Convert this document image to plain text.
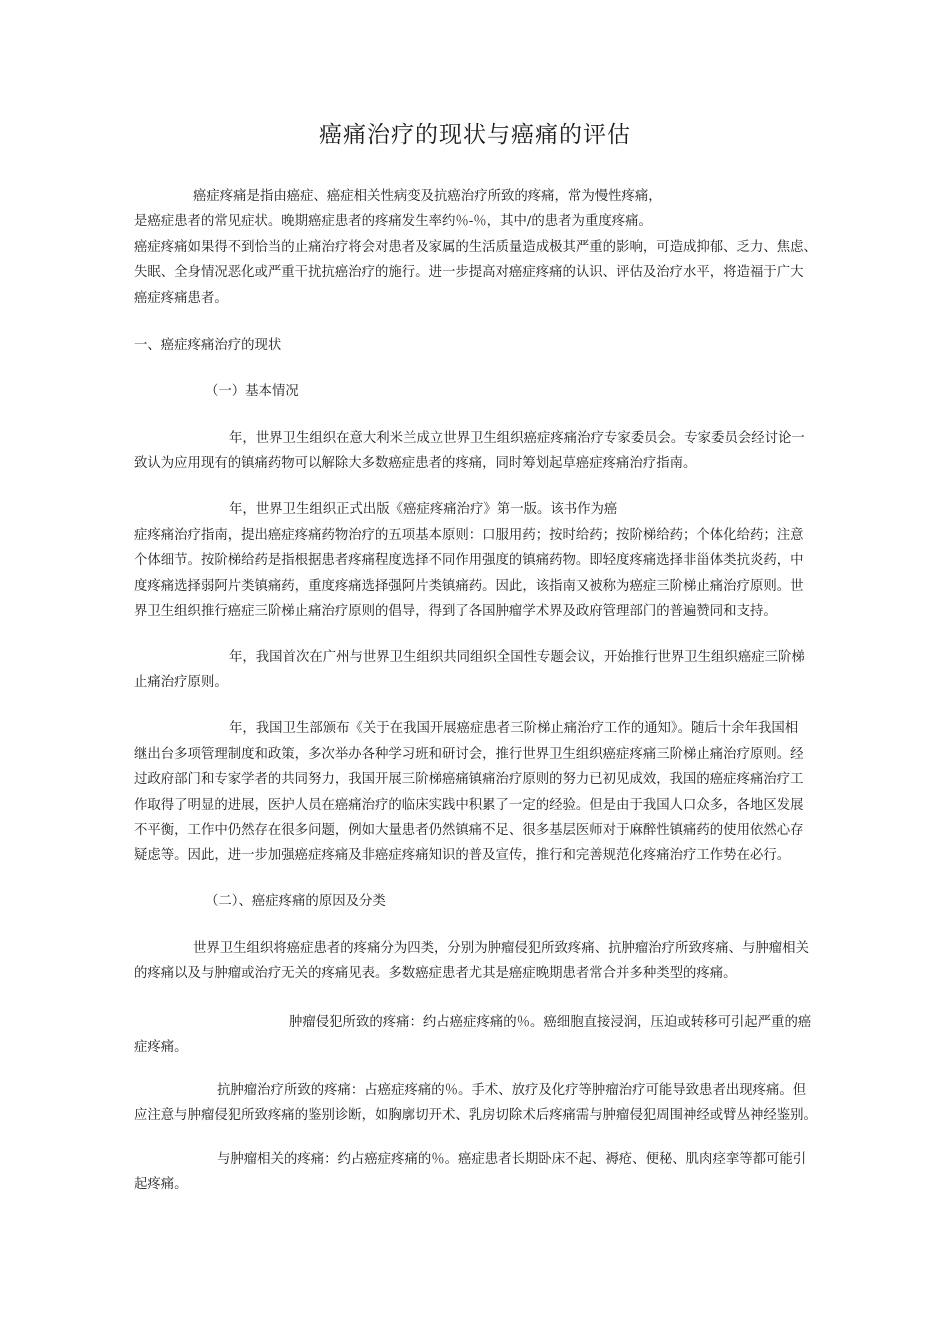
癌痛治疗的现状与癌痛的评估
癌症疼痛是指由癌症、癌症相关性病变及抗癌治疗所致的疼痛，常为慢性疼痛，
是癌症患者的常见症状。晚期癌症患者的疼痛发生率约％-％，其中/的患者为重度疼痛。
癌症疼痛如果得不到恰当的止痛治疗将会对患者及家属的生活质量造成极其严重的影响，可造成抑郁、乏力、焦虑、
失眠、全身情况恶化或严重干扰抗癌治疗的施行。进一步提高对癌症疼痛的认识、评估及治疗水平，将造福于广大
癌症疼痛患者。
一、癌症疼痛治疗的现状
（一）基本情况
年，世界卫生组织在意大利米兰成立世界卫生组织癌症疼痛治疗专家委员会。专家委员会经讨论一
致认为应用现有的镇痛药物可以解除大多数癌症患者的疼痛，同时筹划起草癌症疼痛治疗指南。
年，世界卫生组织正式出版《癌症疼痛治疗》第一版。该书作为癌
症疼痛治疗指南，提出癌症疼痛药物治疗的五项基本原则：口服用药；按时给药；按阶梯给药；个体化给药；注意
个体细节。按阶梯给药是指根据患者疼痛程度选择不同作用强度的镇痛药物。即轻度疼痛选择非甾体类抗炎药，中
度疼痛选择弱阿片类镇痛药，重度疼痛选择强阿片类镇痛药。因此，该指南又被称为癌症三阶梯止痛治疗原则。世
界卫生组织推行癌症三阶梯止痛治疗原则的倡导，得到了各国肿瘤学术界及政府管理部门的普遍赞同和支持。
年，我国首次在广州与世界卫生组织共同组织全国性专题会议，开始推行世界卫生组织癌症三阶梯
止痛治疗原则。
年，我国卫生部颁布《关于在我国开展癌症患者三阶梯止痛治疗工作的通知》。随后十余年我国相
继出台多项管理制度和政策，多次举办各种学习班和研讨会，推行世界卫生组织癌症疼痛三阶梯止痛治疗原则。经
过政府部门和专家学者的共同努力，我国开展三阶梯癌痛镇痛治疗原则的努力已初见成效，我国的癌症疼痛治疗工
作取得了明显的进展，医护人员在癌痛治疗的临床实践中积累了一定的经验。但是由于我国人口众多，各地区发展
不平衡，工作中仍然存在很多问题，例如大量患者仍然镇痛不足、很多基层医师对于麻醉性镇痛药的使用依然心存
疑虑等。因此，进一步加强癌症疼痛及非癌症疼痛知识的普及宣传，推行和完善规范化疼痛治疗工作势在必行。
（二）、癌症疼痛的原因及分类
世界卫生组织将癌症患者的疼痛分为四类，分别为肿瘤侵犯所致疼痛、抗肿瘤治疗所致疼痛、与肿瘤相关
的疼痛以及与肿瘤或治疗无关的疼痛见表。多数癌症患者尤其是癌症晚期患者常合并多种类型的疼痛。
肿瘤侵犯所致的疼痛：约占癌症疼痛的％。癌细胞直接浸润，压迫或转移可引起严重的癌
症疼痛。
抗肿瘤治疗所致的疼痛：占癌症疼痛的％。手术、放疗及化疗等肿瘤治疗可能导致患者出现疼痛。但
应注意与肿瘤侵犯所致疼痛的鉴别诊断，如胸廓切开术、乳房切除术后疼痛需与肿瘤侵犯周围神经或臂丛神经鉴别。
与肿瘤相关的疼痛：约占癌症疼痛的％。癌症患者长期卧床不起、褥疮、便秘、肌肉痉挛等都可能引
起疼痛。
